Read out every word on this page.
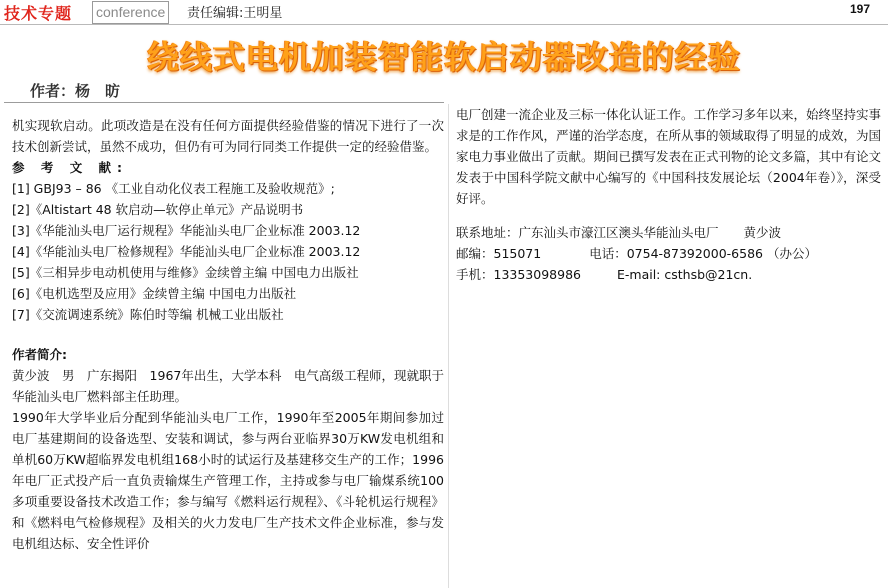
技术专题 conference	责任编辑:王明星	197
绕线式电机加装智能软启动器改造的经验
作者：杨　昉

机实现软启动。此项改造是在没有任何方面提供经验借鉴的情况下进行了一次技术创新尝试，虽然不成功，但仍有可为同行同类工作提供一定的经验借鉴。

参 考 文 献:

[1] GBJ93 – 86 《工业自动化仪表工程施工及验收规范》;

[2]《Altistart 48 软启动—软停止单元》产品说明书

[3]《华能汕头电厂运行规程》华能汕头电厂企业标准 2003.12

[4]《华能汕头电厂检修规程》华能汕头电厂企业标准 2003.12

[5]《三相异步电动机使用与维修》金续曾主编 中国电力出版社

[6]《电机选型及应用》金续曾主编 中国电力出版社

[7]《交流调速系统》陈伯时等编 机械工业出版社

作者简介:

黄少波　男　广东揭阳　1967年出生，大学本科　电气高级工程师，现就职于华能汕头电厂燃料部主任助理。

1990年大学毕业后分配到华能汕头电厂工作，1990年至2005年期间参加过电厂基建期间的设备选型、安装和调试，参与两台亚临界30万KW发电机组和单机60万KW超临界发电机组168小时的试运行及基建移交生产的工作；1996年电厂正式投产后一直负责输煤生产管理工作，主持或参与电厂输煤系统100多项重要设备技术改造工作；参与编写《燃料运行规程》、《斗轮机运行规程》和《燃料电气检修规程》及相关的火力发电厂生产技术文件企业标准，参与发电机组达标、安全性评价

电厂创建一流企业及三标一体化认证工作。工作学习多年以来，始终坚持实事求是的工作作风，严谨的治学态度，在所从事的领域取得了明显的成效，为国家电力事业做出了贡献。期间已撰写发表在正式刊物的论文多篇，其中有论文发表于中国科学院文献中心编写的《中国科技发展论坛（2004年卷）》，深受好评。

联系地址：广东汕头市濠江区澳头华能汕头电厂　　黄少波

邮编：515071	电话：0754-87392000-6586 （办公）

手机：13353098986	E-mail: csthsb@21cn.
